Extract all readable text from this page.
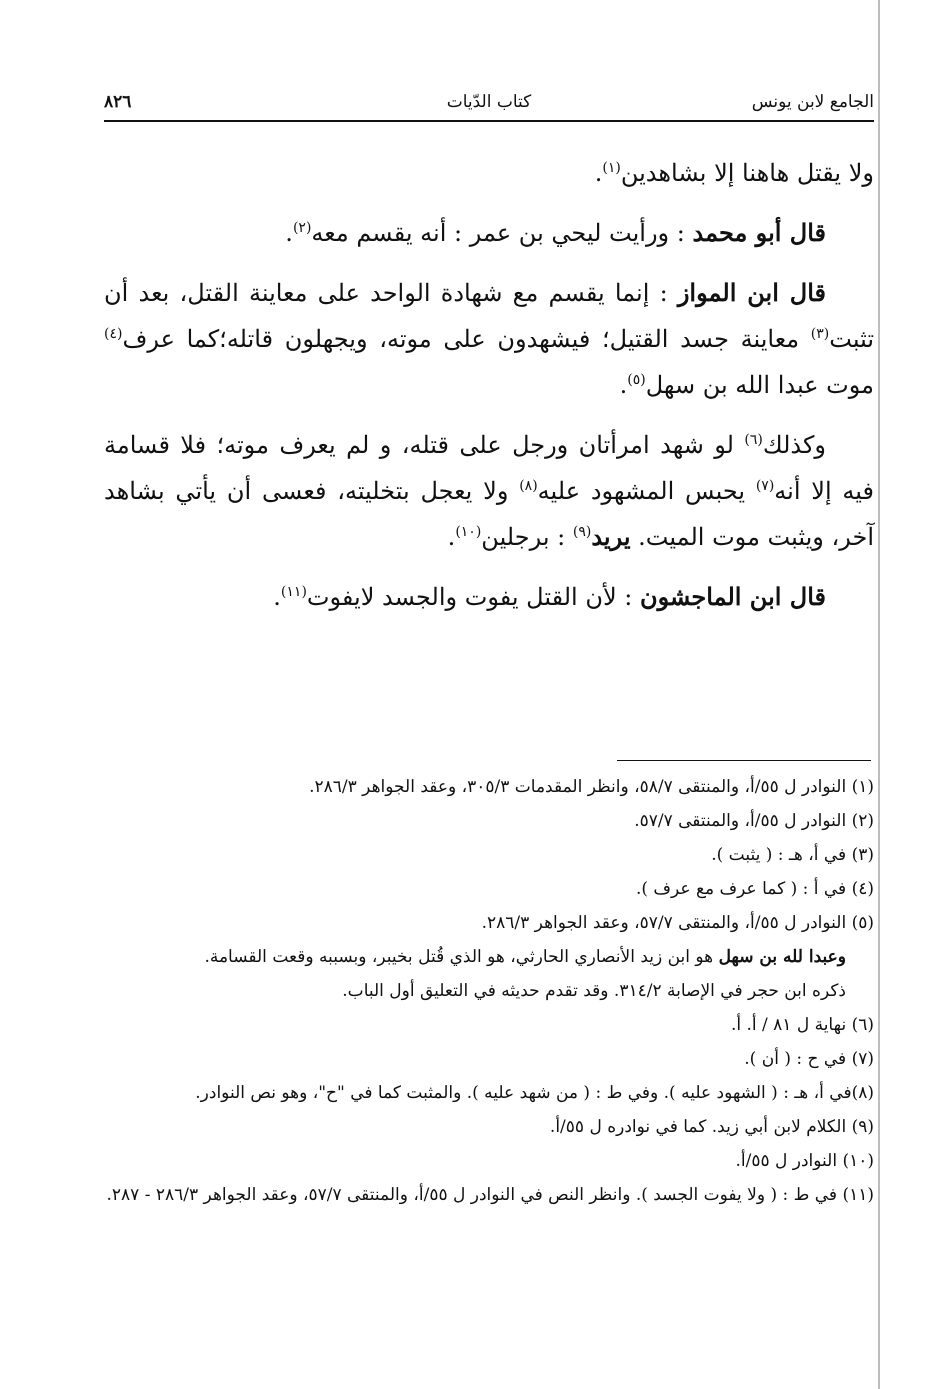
الجامع لابن يونس
كتاب الدّيات
٨٢٦

ولا يقتل هاهنا إلا بشاهدين$^{(١)}$.

قال أبو محمد : ورأيت ليحي بن عمر : أنه يقسم معه$^{(٢)}$.

قال ابن المواز : إنما يقسم مع شهادة الواحد على معاينة القتل، بعد أن تثبت$^{(٣)}$ معاينة جسد القتيل؛ فيشهدون على موته، ويجهلون قاتله؛كما عرف$^{(٤)}$ موت عبدا الله بن سهل$^{(٥)}$.

وكذلك$^{(٦)}$ لو شهد امرأتان ورجل على قتله، و لم يعرف موته؛ فلا قسامة فيه إلا أنه$^{(٧)}$ يحبس المشهود عليه$^{(٨)}$ ولا يعجل بتخليته، فعسى أن يأتي بشاهد آخر، ويثبت موت الميت. يريد$^{(٩)}$ : برجلين$^{(١٠)}$.

قال ابن الماجشون : لأن القتل يفوت والجسد لايفوت$^{(١١)}$.

(١) النوادر ل ٥٥/أ، والمنتقى ٥٨/٧، وانظر المقدمات ٣٠٥/٣، وعقد الجواهر ٢٨٦/٣.

(٢) النوادر ل ٥٥/أ، والمنتقى ٥٧/٧.

(٣) في أ، هـ : ( يثبت ).

(٤) في أ : ( كما عرف مع عرف ).

(٥) النوادر ل ٥٥/أ، والمنتقى ٥٧/٧، وعقد الجواهر ٢٨٦/٣.

وعبدا لله بن سهل هو ابن زيد الأنصاري الحارثي، هو الذي قُتل بخيبر، وبسببه وقعت القسامة.

ذكره ابن حجر في الإصابة ٣١٤/٢. وقد تقدم حديثه في التعليق أول الباب.

(٦) نهاية ل ٨١ / أ. أ.

(٧) في ح : ( أن ).

(٨)في أ، هـ : ( الشهود عليه ). وفي ط : ( من شهد عليه ). والمثبت كما في "ح"، وهو نص النوادر.

(٩) الكلام لابن أبي زيد. كما في نوادره ل ٥٥/أ.

(١٠) النوادر ل ٥٥/أ.

(١١) في ط : ( ولا يفوت الجسد ). وانظر النص في النوادر ل ٥٥/أ، والمنتقى ٥٧/٧، وعقد الجواهر ٢٨٦/٣ - ٢٨٧.
